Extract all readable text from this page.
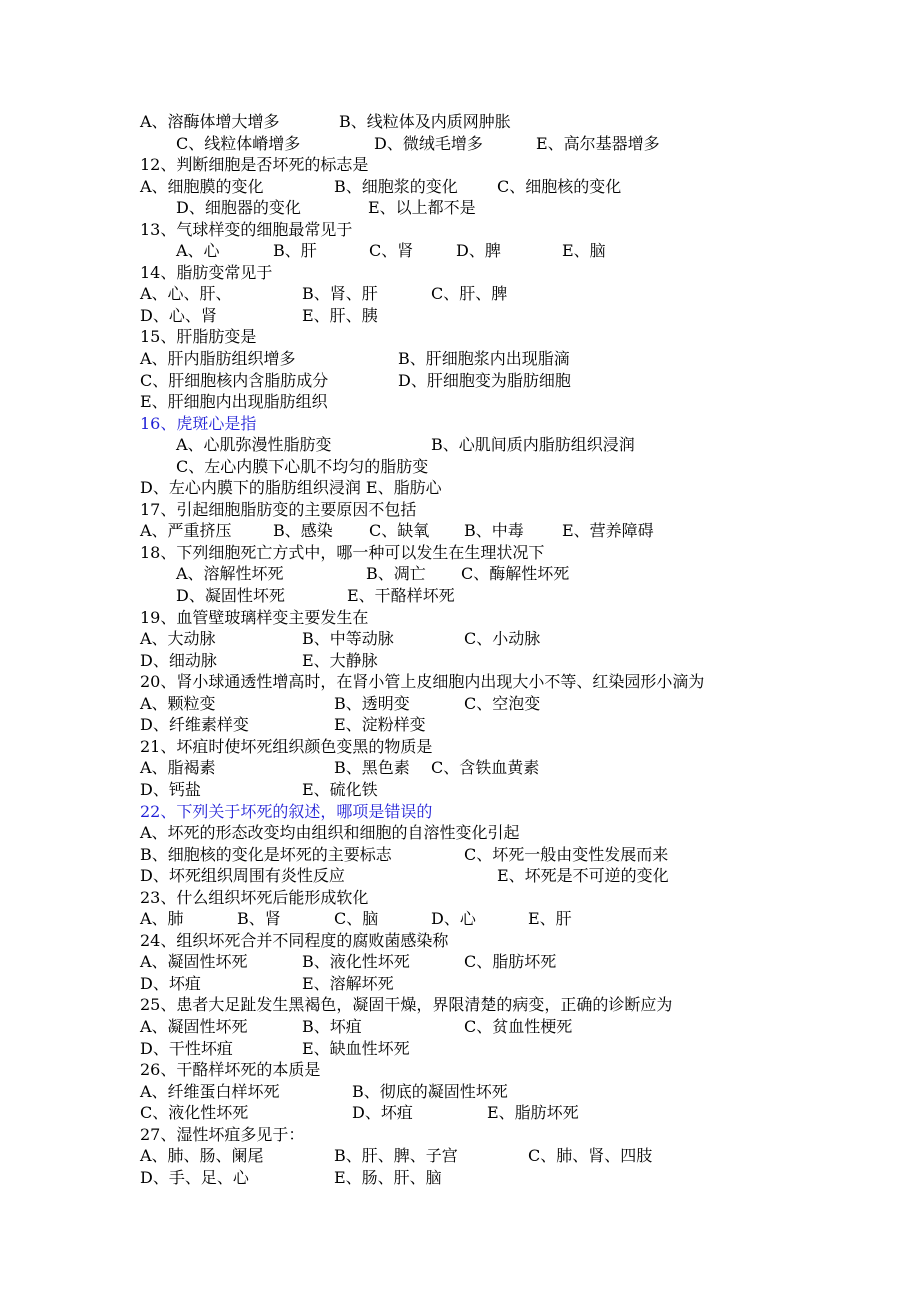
A、溶酶体增大增多	B、线粒体及内质网肿胀
C、线粒体嵴增多	D、微绒毛增多	E、高尔基器增多
12、判断细胞是否坏死的标志是
A、细胞膜的变化	B、细胞浆的变化 C、细胞核的变化
D、细胞器的变化	E、以上都不是
13、气球样变的细胞最常见于
A、心	B、肝	C、肾	D、脾	E、脑
14、脂肪变常见于
A、心、肝、	B、肾、肝	C、肝、脾
D、心、肾	E、肝、胰
15、肝脂肪变是
A、肝内脂肪组织增多	B、肝细胞浆内出现脂滴
C、肝细胞核内含脂肪成分	D、肝细胞变为脂肪细胞
E、肝细胞内出现脂肪组织
16、虎斑心是指
A、心肌弥漫性脂肪变	B、心肌间质内脂肪组织浸润
C、左心内膜下心肌不均匀的脂肪变
D、左心内膜下的脂肪组织浸润 E、脂肪心
17、引起细胞脂肪变的主要原因不包括
A、严重挤压	B、感染 C、缺氧 B、中毒 E、营养障碍
18、下列细胞死亡方式中，哪一种可以发生在生理状况下
A、溶解性坏死	B、凋亡 C、酶解性坏死
D、凝固性坏死	E、干酪样坏死
19、血管壁玻璃样变主要发生在
A、大动脉	B、中等动脉	C、小动脉
D、细动脉	E、大静脉
20、肾小球通透性增高时，在肾小管上皮细胞内出现大小不等、红染园形小滴为
A、颗粒变	B、透明变	C、空泡变
D、纤维素样变	E、淀粉样变
21、坏疽时使坏死组织颜色变黑的物质是
A、脂褐素	B、黑色素 C、含铁血黄素
D、钙盐	E、硫化铁
22、下列关于坏死的叙述，哪项是错误的
A、坏死的形态改变均由组织和细胞的自溶性变化引起
B、细胞核的变化是坏死的主要标志	C、坏死一般由变性发展而来
D、坏死组织周围有炎性反应	E、坏死是不可逆的变化
23、什么组织坏死后能形成软化
A、肺	B、肾	C、脑	D、心	E、肝
24、组织坏死合并不同程度的腐败菌感染称
A、凝固性坏死	B、液化性坏死	C、脂肪坏死
D、坏疽	E、溶解坏死
25、患者大足趾发生黑褐色，凝固干燥，界限清楚的病变，正确的诊断应为
A、凝固性坏死	B、坏疽	C、贫血性梗死
D、干性坏疽	E、缺血性坏死
26、干酪样坏死的本质是
A、纤维蛋白样坏死	B、彻底的凝固性坏死
C、液化性坏死	D、坏疽	E、脂肪坏死
27、湿性坏疽多见于：
A、肺、肠、阑尾	B、肝、脾、子宫	C、肺、肾、四肢
D、手、足、心	E、肠、肝、脑
